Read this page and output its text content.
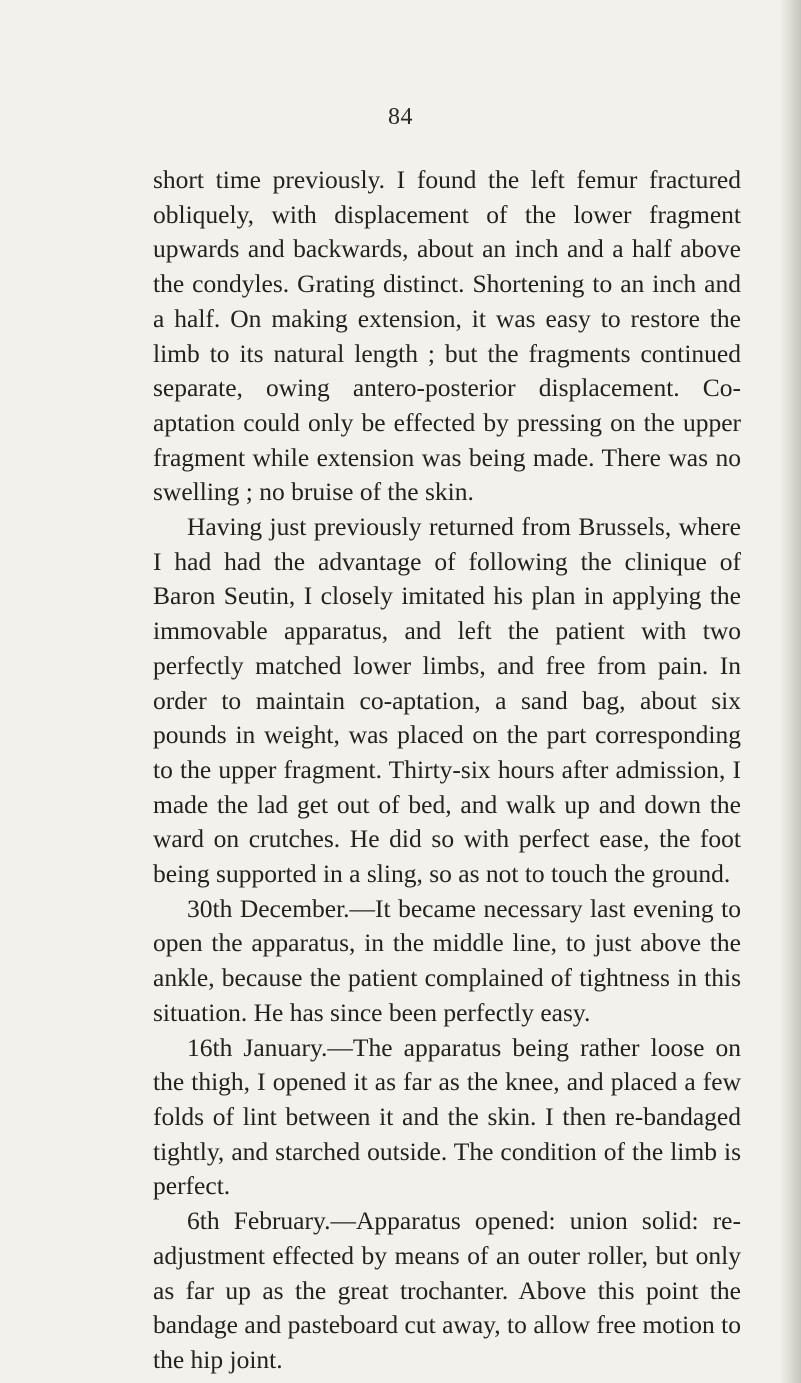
84

short time previously. I found the left femur fractured obliquely, with displacement of the lower fragment upwards and backwards, about an inch and a half above the condyles. Grating distinct. Shortening to an inch and a half. On making extension, it was easy to restore the limb to its natural length ; but the fragments continued separate, owing antero-posterior displacement. Co-aptation could only be effected by pressing on the upper fragment while extension was being made. There was no swelling ; no bruise of the skin.

Having just previously returned from Brussels, where I had had the advantage of following the clinique of Baron Seutin, I closely imitated his plan in applying the immovable apparatus, and left the patient with two perfectly matched lower limbs, and free from pain. In order to maintain co-aptation, a sand bag, about six pounds in weight, was placed on the part corresponding to the upper fragment. Thirty-six hours after admission, I made the lad get out of bed, and walk up and down the ward on crutches. He did so with perfect ease, the foot being supported in a sling, so as not to touch the ground.

30th December.—It became necessary last evening to open the apparatus, in the middle line, to just above the ankle, because the patient complained of tightness in this situation. He has since been perfectly easy.

16th January.—The apparatus being rather loose on the thigh, I opened it as far as the knee, and placed a few folds of lint between it and the skin. I then re-bandaged tightly, and starched outside. The condition of the limb is perfect.

6th February.—Apparatus opened: union solid: re-adjustment effected by means of an outer roller, but only as far up as the great trochanter. Above this point the bandage and pasteboard cut away, to allow free motion to the hip joint.
